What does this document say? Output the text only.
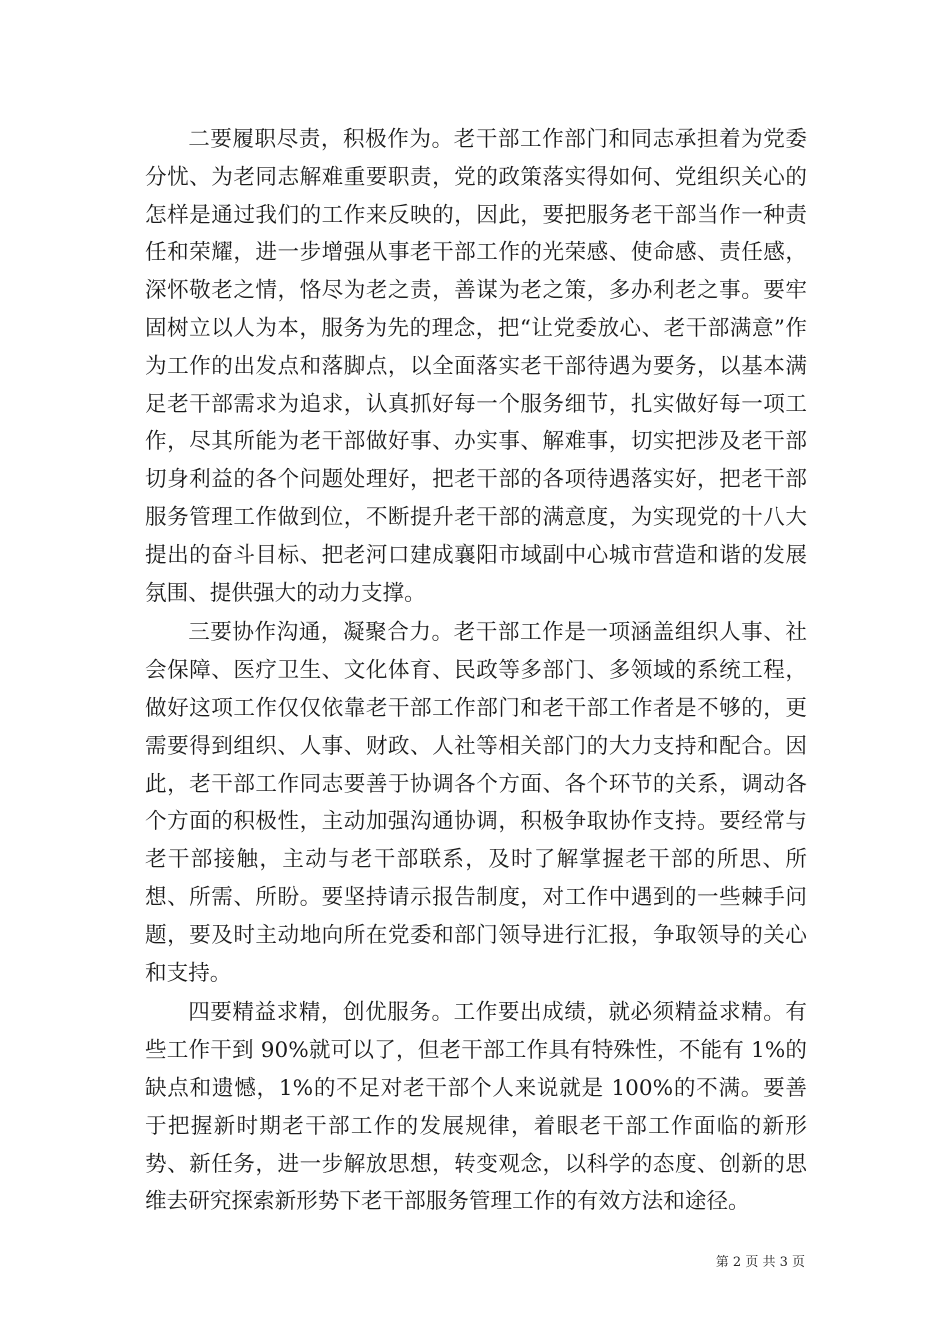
二要履职尽责，积极作为。老干部工作部门和同志承担着为党委分忧、为老同志解难重要职责，党的政策落实得如何、党组织关心的怎样是通过我们的工作来反映的，因此，要把服务老干部当作一种责任和荣耀，进一步增强从事老干部工作的光荣感、使命感、责任感，深怀敬老之情，恪尽为老之责，善谋为老之策，多办利老之事。要牢固树立以人为本，服务为先的理念，把“让党委放心、老干部满意”作为工作的出发点和落脚点，以全面落实老干部待遇为要务，以基本满足老干部需求为追求，认真抓好每一个服务细节，扎实做好每一项工作，尽其所能为老干部做好事、办实事、解难事，切实把涉及老干部切身利益的各个问题处理好，把老干部的各项待遇落实好，把老干部服务管理工作做到位，不断提升老干部的满意度，为实现党的十八大提出的奋斗目标、把老河口建成襄阳市域副中心城市营造和谐的发展氛围、提供强大的动力支撑。

三要协作沟通，凝聚合力。老干部工作是一项涵盖组织人事、社会保障、医疗卫生、文化体育、民政等多部门、多领域的系统工程，做好这项工作仅仅依靠老干部工作部门和老干部工作者是不够的，更需要得到组织、人事、财政、人社等相关部门的大力支持和配合。因此，老干部工作同志要善于协调各个方面、各个环节的关系，调动各个方面的积极性，主动加强沟通协调，积极争取协作支持。要经常与老干部接触，主动与老干部联系，及时了解掌握老干部的所思、所想、所需、所盼。要坚持请示报告制度，对工作中遇到的一些棘手问题，要及时主动地向所在党委和部门领导进行汇报，争取领导的关心和支持。

四要精益求精，创优服务。工作要出成绩，就必须精益求精。有些工作干到 90%就可以了，但老干部工作具有特殊性，不能有 1%的缺点和遗憾，1%的不足对老干部个人来说就是 100%的不满。要善于把握新时期老干部工作的发展规律，着眼老干部工作面临的新形势、新任务，进一步解放思想，转变观念，以科学的态度、创新的思维去研究探索新形势下老干部服务管理工作的有效方法和途径。

第 2 页 共 3 页
